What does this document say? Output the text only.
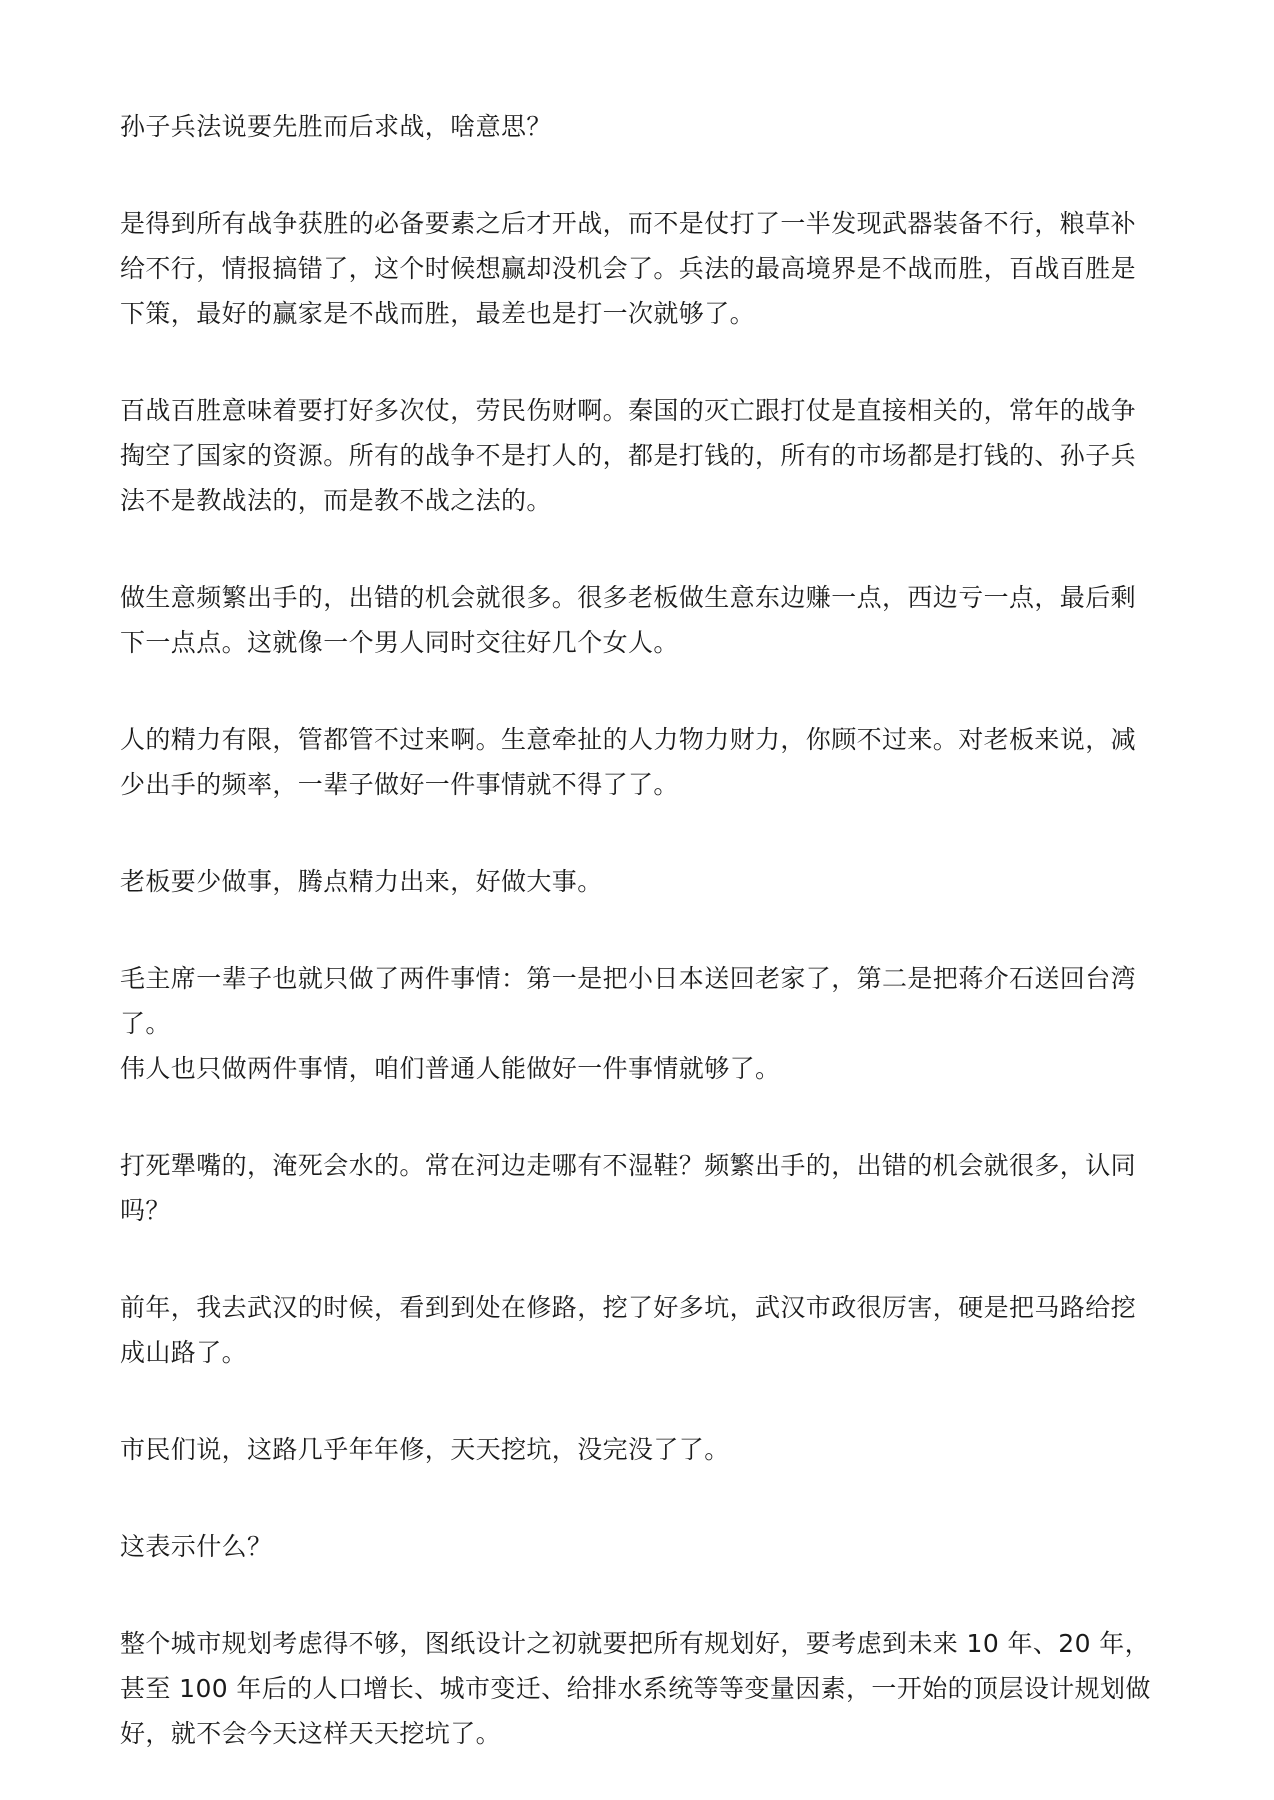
孙子兵法说要先胜而后求战，啥意思？

是得到所有战争获胜的必备要素之后才开战，而不是仗打了一半发现武器装备不行，粮草补给不行，情报搞错了，这个时候想赢却没机会了。兵法的最高境界是不战而胜，百战百胜是下策，最好的赢家是不战而胜，最差也是打一次就够了。

百战百胜意味着要打好多次仗，劳民伤财啊。秦国的灭亡跟打仗是直接相关的，常年的战争掏空了国家的资源。所有的战争不是打人的，都是打钱的，所有的市场都是打钱的、孙子兵法不是教战法的，而是教不战之法的。

做生意频繁出手的，出错的机会就很多。很多老板做生意东边赚一点，西边亏一点，最后剩下一点点。这就像一个男人同时交往好几个女人。

人的精力有限，管都管不过来啊。生意牵扯的人力物力财力，你顾不过来。对老板来说，减少出手的频率，一辈子做好一件事情就不得了了。

老板要少做事，腾点精力出来，好做大事。

毛主席一辈子也就只做了两件事情：第一是把小日本送回老家了，第二是把蒋介石送回台湾了。

伟人也只做两件事情，咱们普通人能做好一件事情就够了。

打死犟嘴的，淹死会水的。常在河边走哪有不湿鞋？频繁出手的，出错的机会就很多，认同吗？

前年，我去武汉的时候，看到到处在修路，挖了好多坑，武汉市政很厉害，硬是把马路给挖成山路了。

市民们说，这路几乎年年修，天天挖坑，没完没了了。

这表示什么？

整个城市规划考虑得不够，图纸设计之初就要把所有规划好，要考虑到未来 10 年、20 年，甚至 100 年后的人口增长、城市变迁、给排水系统等等变量因素，一开始的顶层设计规划做好，就不会今天这样天天挖坑了。
